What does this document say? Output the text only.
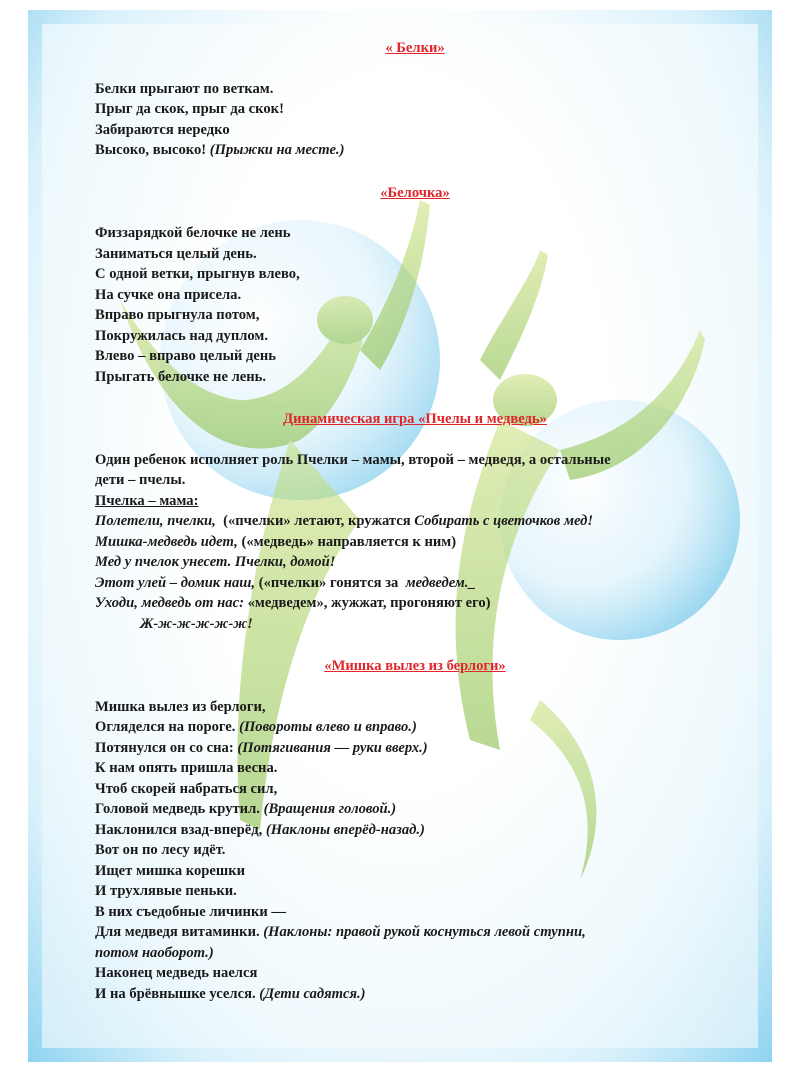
« Белки»
Белки прыгают по веткам.
Прыг да скок, прыг да скок!
Забираются нередко
Высоко, высоко! (Прыжки на месте.)
«Белочка»
Физзарядкой белочке не лень
Заниматься целый день.
С одной ветки, прыгнув влево,
На сучке она присела.
Вправо прыгнула потом,
Покружилась над дуплом.
Влево – вправо целый день
Прыгать белочке не лень.
Динамическая игра «Пчелы и медведь»
Один ребенок исполняет роль Пчелки – мамы, второй – медведя, а остальные
дети – пчелы.
Пчелка – мама:
Полетели, пчелки,  («пчелки» летают, кружатся Собирать с цветочков мед!
Мишка-медведь идет, («медведь» направляется к ним)
Мед у пчелок унесет. Пчелки, домой!
Этот улей – домик наш, («пчелки» гонятся за  медведем._
Уходи, медведь от нас: «медведем», жужжат, прогоняют его)
Ж-ж-ж-ж-ж-ж!
«Мишка вылез из берлоги»
Мишка вылез из берлоги,
Огляделся на пороге. (Повороты влево и вправо.)
Потянулся он со сна: (Потягивания — руки вверх.)
К нам опять пришла весна.
Чтоб скорей набраться сил,
Головой медведь крутил. (Вращения головой.)
Наклонился взад-вперёд, (Наклоны вперёд-назад.)
Вот он по лесу идёт.
Ищет мишка корешки
И трухлявые пеньки.
В них съедобные личинки —
Для медведя витаминки. (Наклоны: правой рукой коснуться левой ступни,
потом наоборот.)
Наконец медведь наелся
И на брёвнышке уселся. (Дети садятся.)
